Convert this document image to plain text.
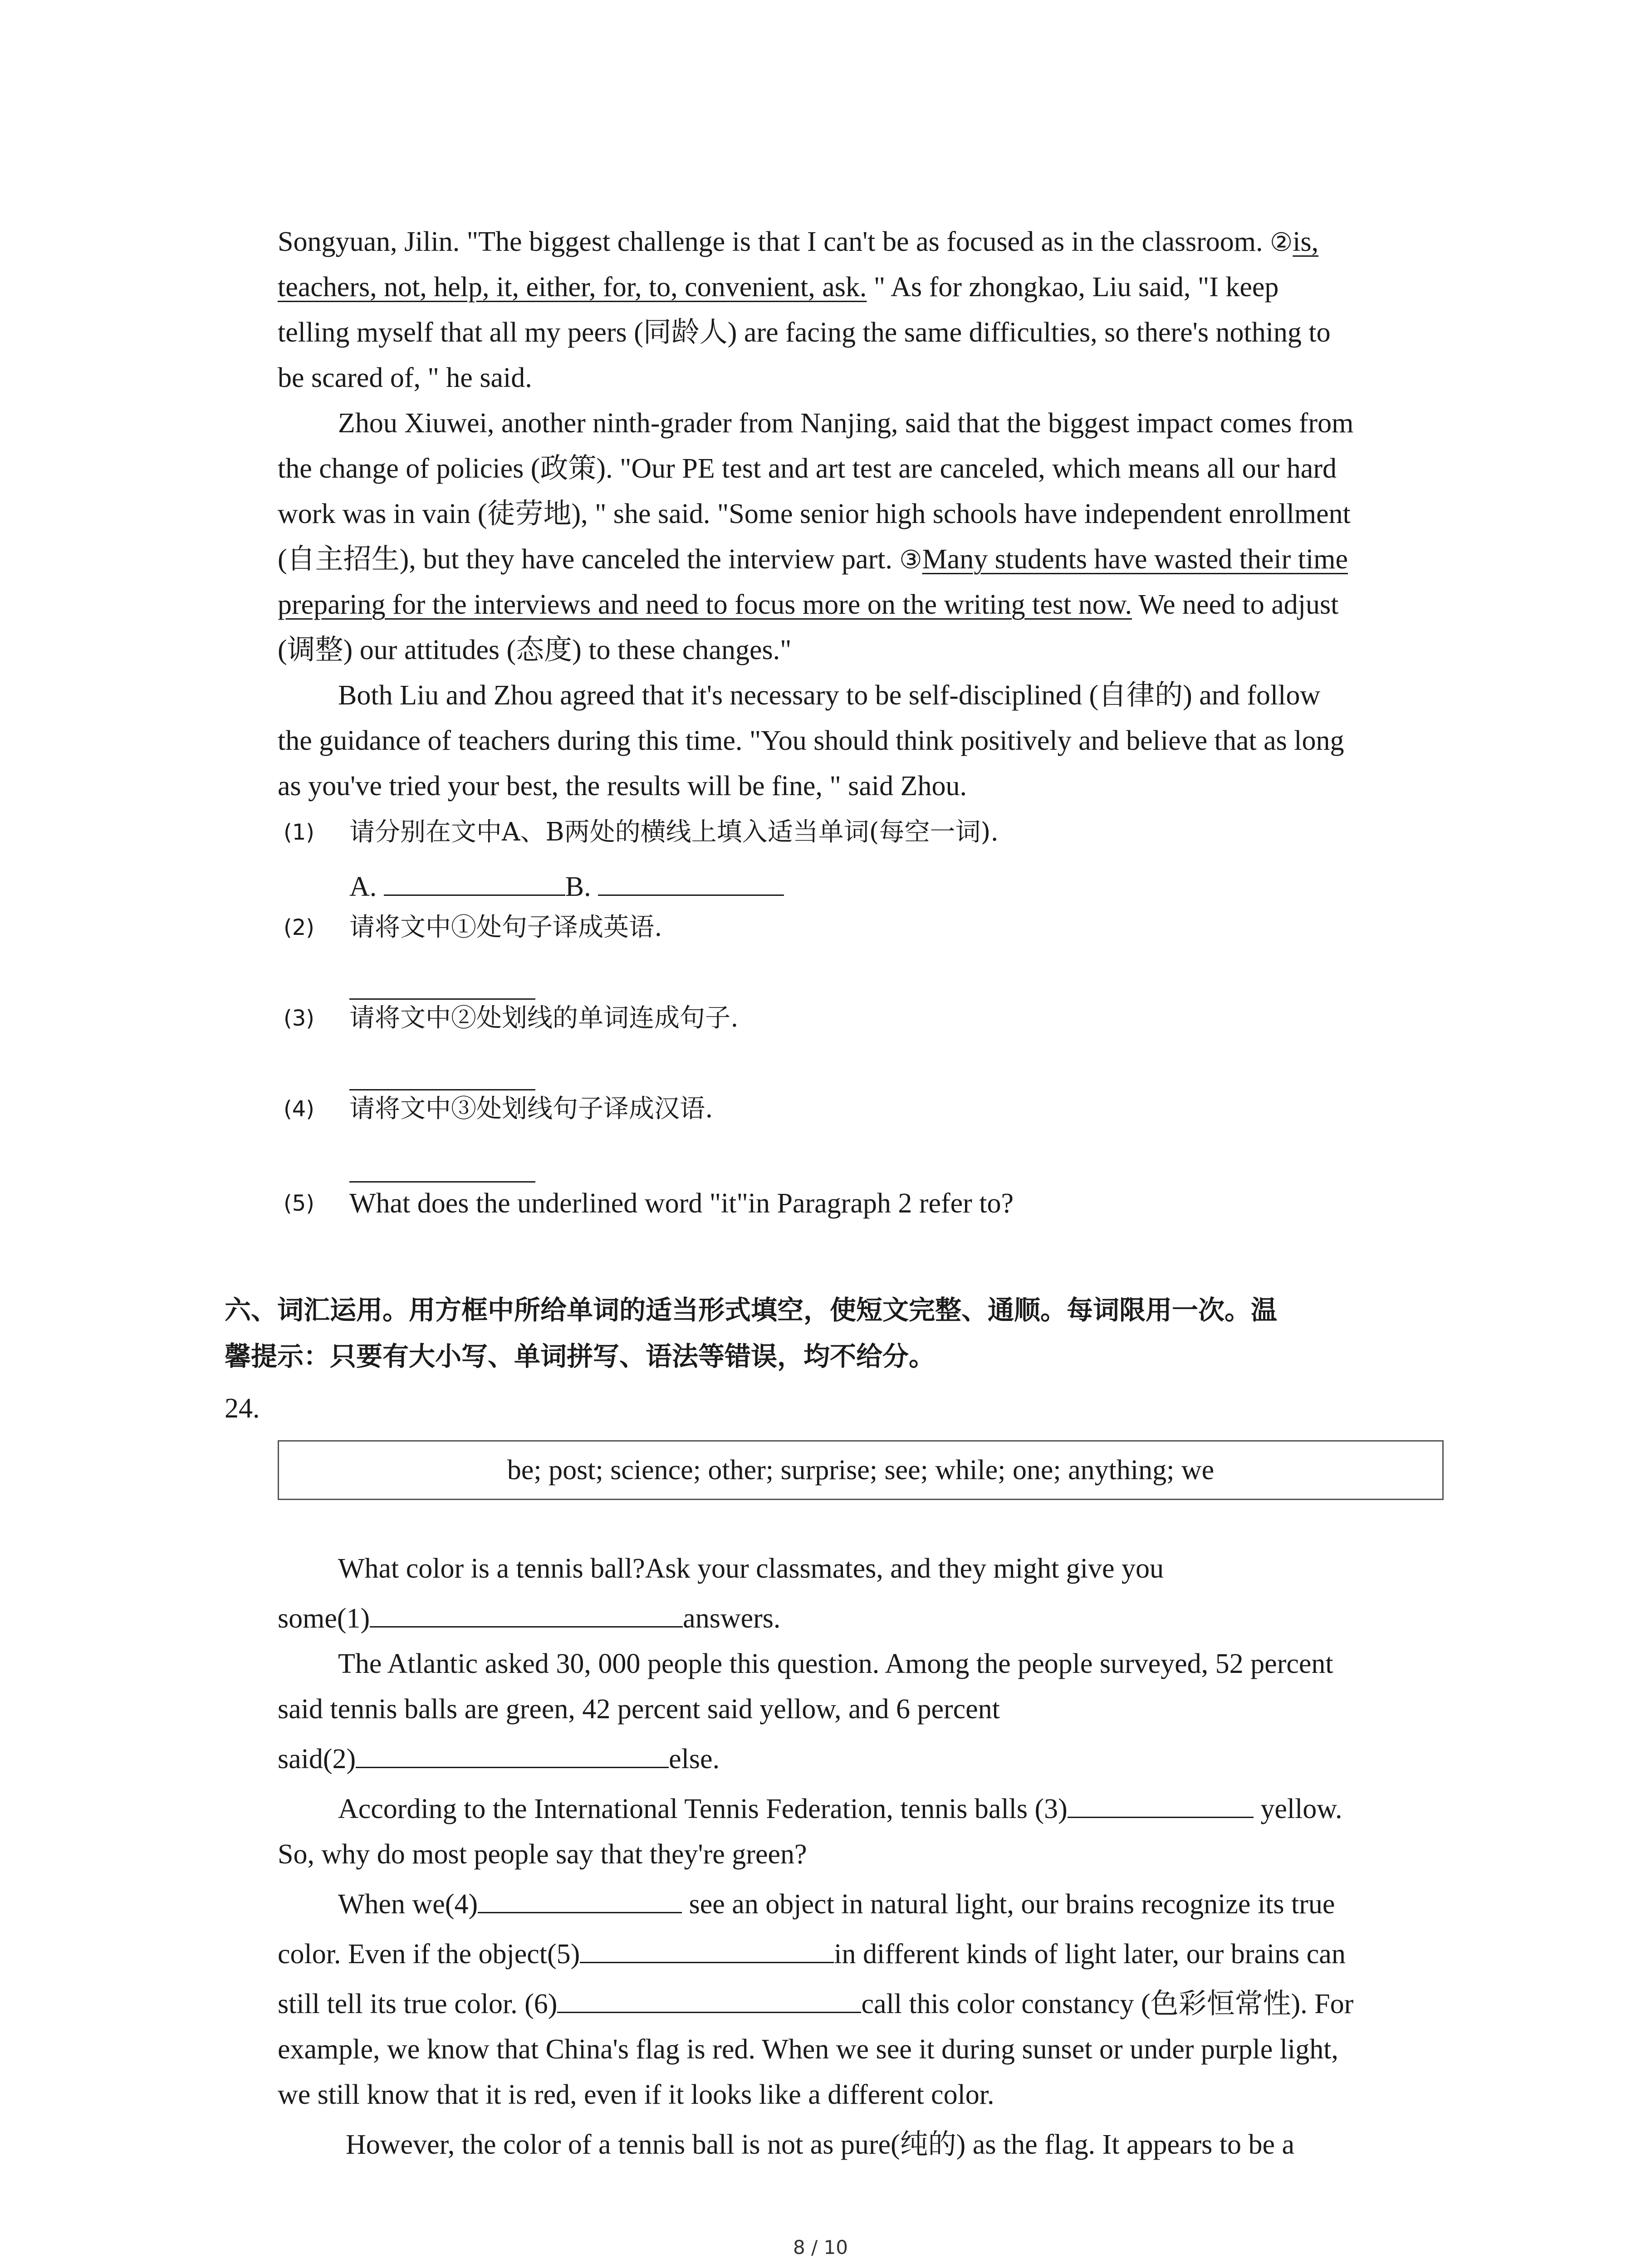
Songyuan, Jilin. "The biggest challenge is that I can't be as focused as in the classroom. ②is,
teachers, not, help, it, either, for, to, convenient, ask. " As for zhongkao, Liu said, "I keep
telling myself that all my peers (同龄人) are facing the same difficulties, so there's nothing to
be scared of, " he said.
Zhou Xiuwei, another ninth-grader from Nanjing, said that the biggest impact comes from
the change of policies (政策). "Our PE test and art test are canceled, which means all our hard
work was in vain (徒劳地), " she said. "Some senior high schools have independent enrollment
(自主招生), but they have canceled the interview part. ③Many students have wasted their time
preparing for the interviews and need to focus more on the writing test now. We need to adjust
(调整) our attitudes (态度) to these changes."
Both Liu and Zhou agreed that it's necessary to be self-disciplined (自律的) and follow
the guidance of teachers during this time. "You should think positively and believe that as long
as you've tried your best, the results will be fine, " said Zhou.
(1) 请分别在文中A、B两处的横线上填入适当单词(每空一词).
A.	B.
(2) 请将文中①处句子译成英语.
(3) 请将文中②处划线的单词连成句子.
(4) 请将文中③处划线句子译成汉语.
(5) What does the underlined word "it"in Paragraph 2 refer to?
六、词汇运用。用方框中所给单词的适当形式填空，使短文完整、通顺。每词限用一次。温
馨提示：只要有大小写、单词拼写、语法等错误，均不给分。
24.
be; post; science; other; surprise; see; while; one; anything; we
What color is a tennis ball?Ask your classmates, and they might give you
some(1)	answers.
The Atlantic asked 30, 000 people this question. Among the people surveyed, 52 percent
said tennis balls are green, 42 percent said yellow, and 6 percent
said(2)	else.
According to the International Tennis Federation, tennis balls (3)	yellow.
So, why do most people say that they're green?
When we(4)	see an object in natural light, our brains recognize its true
color. Even if the object(5)	in different kinds of light later, our brains can
still tell its true color. (6)	call this color constancy (色彩恒常性). For
example, we know that China's flag is red. When we see it during sunset or under purple light,
we still know that it is red, even if it looks like a different color.
However, the color of a tennis ball is not as pure(纯的) as the flag. It appears to be a
8 / 10
